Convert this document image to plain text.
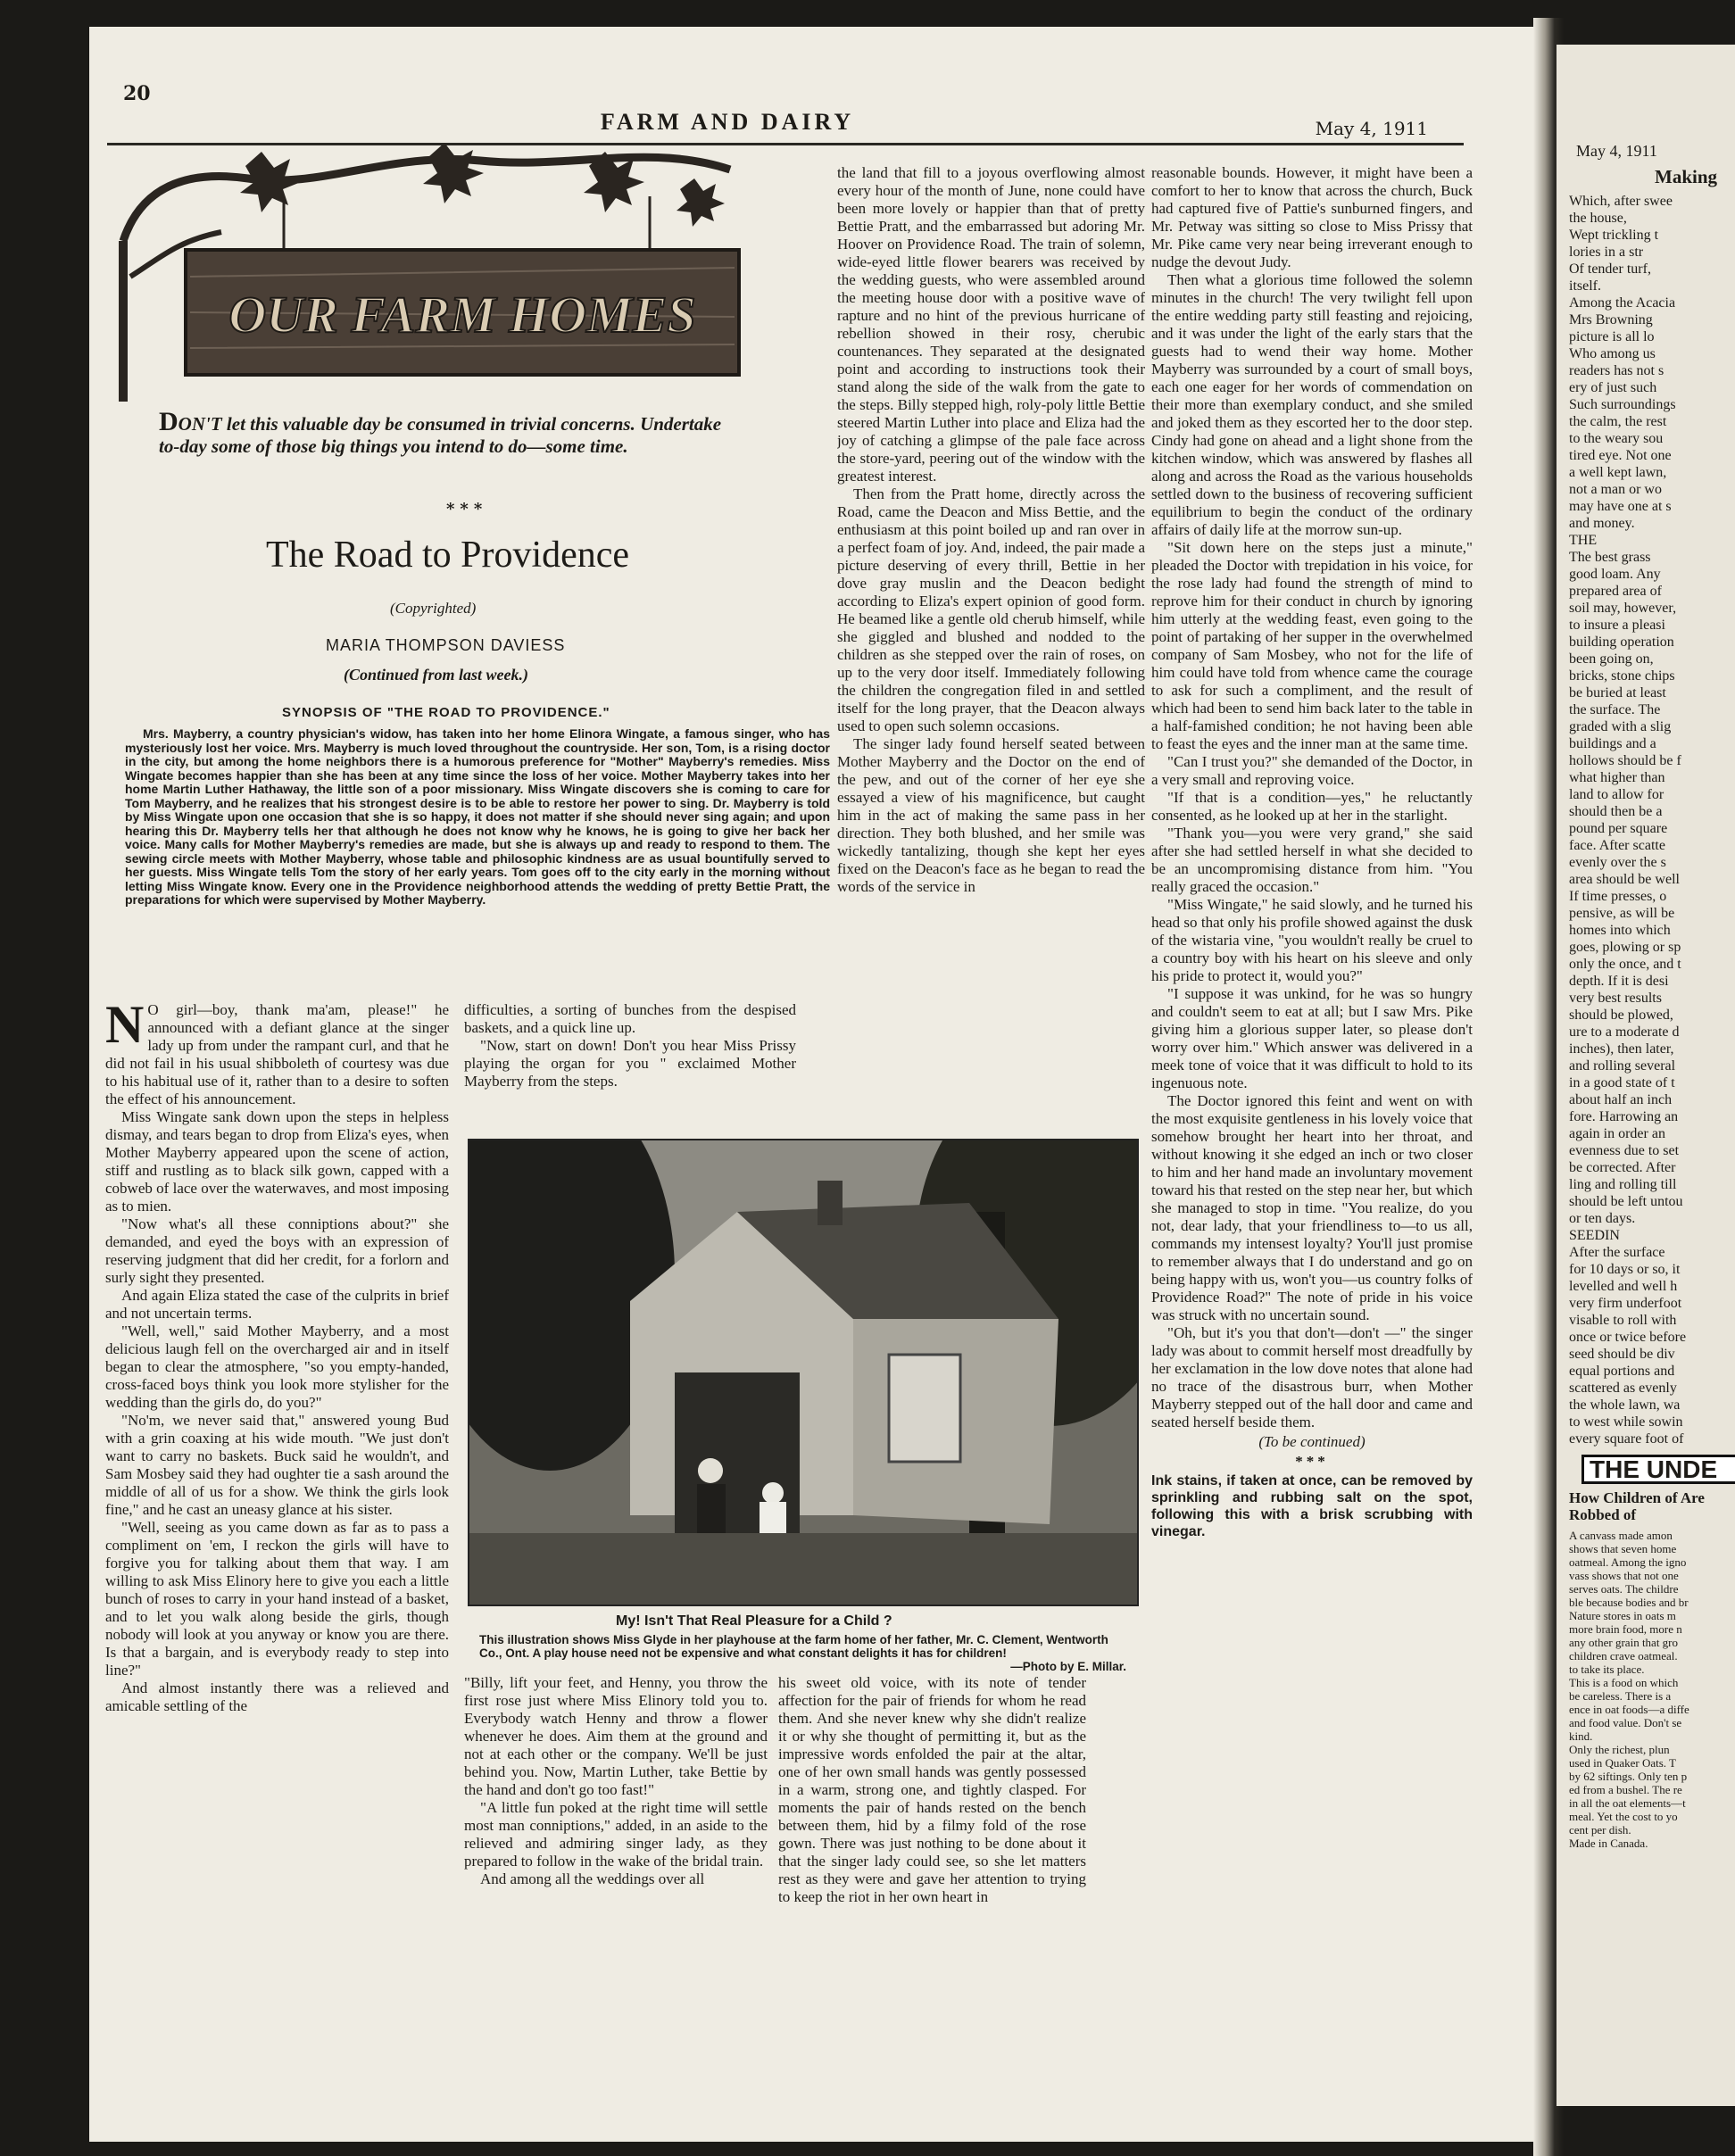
20
FARM AND DAIRY	May 4, 1911
OUR FARM HOMES
DON'T let this valuable day be consumed in trivial concerns. Undertake to-day some of those big things you intend to do—some time.
***
The Road to Providence
(Copyrighted)
MARIA THOMPSON DAVIESS
(Continued from last week.)
SYNOPSIS OF "THE ROAD TO PROVIDENCE."

Mrs. Mayberry, a country physician's widow, has taken into her home Elinora Wingate, a famous singer, who has mysteriously lost her voice. Mrs. Mayberry is much loved throughout the countryside. Her son, Tom, is a rising doctor in the city, but among the home neighbors there is a humorous preference for "Mother" Mayberry's remedies. Miss Wingate becomes happier than she has been at any time since the loss of her voice. Mother Mayberry takes into her home Martin Luther Hathaway, the little son of a poor missionary. Miss Wingate discovers she is coming to care for Tom Mayberry, and he realizes that his strongest desire is to be able to restore her power to sing. Dr. Mayberry is told by Miss Wingate upon one occasion that she is so happy, it does not matter if she should never sing again; and upon hearing this Dr. Mayberry tells her that although he does not know why he knows, he is going to give her back her voice. Many calls for Mother Mayberry's remedies are made, but she is always up and ready to respond to them. The sewing circle meets with Mother Mayberry, whose table and philosophic kindness are as usual bountifully served to her guests. Miss Wingate tells Tom the story of her early years. Tom goes off to the city early in the morning without letting Miss Wingate know. Every one in the Providence neighborhood attends the wedding of pretty Bettie Pratt, the preparations for which were supervised by Mother Mayberry.

N O girl—boy, thank ma'am, please!" he announced with a defiant glance at the singer lady up from under the rampant curl, and that he did not fail in his usual shibboleth of courtesy was due to his habitual use of it, rather than to a desire to soften the effect of his announcement.

Miss Wingate sank down upon the steps in helpless dismay, and tears began to drop from Eliza's eyes, when Mother Mayberry appeared upon the scene of action, stiff and rustling as to black silk gown, capped with a cobweb of lace over the waterwaves, and most imposing as to mien.

"Now what's all these conniptions about?" she demanded, and eyed the boys with an expression of reserving judgment that did her credit, for a forlorn and surly sight they presented.

And again Eliza stated the case of the culprits in brief and not uncertain terms.

"Well, well," said Mother Mayberry, and a most delicious laugh fell on the overcharged air and in itself began to clear the atmosphere, "so you empty-handed, cross-faced boys think you look more stylisher for the wedding than the girls do, do you?"

"No'm, we never said that," answered young Bud with a grin coaxing at his wide mouth. "We just don't want to carry no baskets. Buck said he wouldn't, and Sam Mosbey said they had oughter tie a sash around the middle of all of us for a show. We think the girls look fine," and he cast an uneasy glance at his sister.

"Well, seeing as you came down as far as to pass a compliment on 'em, I reckon the girls will have to forgive you for talking about them that way. I am willing to ask Miss Elinory here to give you each a little bunch of roses to carry in your hand instead of a basket, and to let you walk along beside the girls, though nobody will look at you anyway or know you are there. Is that a bargain, and is everybody ready to step into line?"

And almost instantly there was a relieved and amicable settling of the

difficulties, a sorting of bunches from the despised baskets, and a quick line up.

"Now, start on down! Don't you hear Miss Prissy playing the organ for you " exclaimed Mother Mayberry from the steps.

the land that fill to a joyous overflowing almost every hour of the month of June, none could have been more lovely or happier than that of pretty Bettie Pratt, and the embarrassed but adoring Mr. Hoover on Providence Road. The train of solemn, wide-eyed little flower bearers was received by the wedding guests, who were assembled around the meeting house door with a positive wave of rapture and no hint of the previous hurricane of rebellion showed in their rosy, cherubic countenances. They separated at the designated point and according to instructions took their stand along the side of the walk from the gate to the steps. Billy stepped high, roly-poly little Bettie steered Martin Luther into place and Eliza had the joy of catching a glimpse of the pale face across the store-yard, peering out of the window with the greatest interest.

Then from the Pratt home, directly across the Road, came the Deacon and Miss Bettie, and the enthusiasm at this point boiled up and ran over in a perfect foam of joy. And, indeed, the pair made a picture deserving of every thrill, Bettie in her dove gray muslin and the Deacon bedight according to Eliza's expert opinion of good form. He beamed like a gentle old cherub himself, while she giggled and blushed and nodded to the children as she stepped over the rain of roses, on up to the very door itself. Immediately following the children the congregation filed in and settled itself for the long prayer, that the Deacon always used to open such solemn occasions.

The singer lady found herself seated between Mother Mayberry and the Doctor on the end of the pew, and out of the corner of her eye she essayed a view of his magnificence, but caught him in the act of making the same pass in her direction. They both blushed, and her smile was wickedly tantalizing, though she kept her eyes fixed on the Deacon's face as he began to read the words of the service in

My! Isn't That Real Pleasure for a Child ?
This illustration shows Miss Glyde in her playhouse at the farm home of her father, Mr. C. Clement, Wentworth Co., Ont. A play house need not be expensive and what constant delights it has for children!
—Photo by E. Millar.

"Billy, lift your feet, and Henny, you throw the first rose just where Miss Elinory told you to. Everybody watch Henny and throw a flower whenever he does. Aim them at the ground and not at each other or the company. We'll be just behind you. Now, Martin Luther, take Bettie by the hand and don't go too fast!"

"A little fun poked at the right time will settle most man conniptions," added, in an aside to the relieved and admiring singer lady, as they prepared to follow in the wake of the bridal train.

And among all the weddings over all

his sweet old voice, with its note of tender affection for the pair of friends for whom he read them. And she never knew why she didn't realize it or why she thought of permitting it, but as the impressive words enfolded the pair at the altar, one of her own small hands was gently possessed in a warm, strong one, and tightly clasped. For moments the pair of hands rested on the bench between them, hid by a filmy fold of the rose gown. There was just nothing to be done about it that the singer lady could see, so she let matters rest as they were and gave her attention to trying to keep the riot in her own heart in

reasonable bounds. However, it might have been a comfort to her to know that across the church, Buck had captured five of Pattie's sunburned fingers, and Mr. Petway was sitting so close to Miss Prissy that Mr. Pike came very near being irreverant enough to nudge the devout Judy.

Then what a glorious time followed the solemn minutes in the church! The very twilight fell upon the entire wedding party still feasting and rejoicing, and it was under the light of the early stars that the guests had to wend their way home. Mother Mayberry was surrounded by a court of small boys, each one eager for her words of commendation on their more than exemplary conduct, and she smiled and joked them as they escorted her to the door step. Cindy had gone on ahead and a light shone from the kitchen window, which was answered by flashes all along and across the Road as the various households settled down to the business of recovering sufficient equilibrium to begin the conduct of the ordinary affairs of daily life at the morrow sun-up.

"Sit down here on the steps just a minute," pleaded the Doctor with trepidation in his voice, for the rose lady had found the strength of mind to reprove him for their conduct in church by ignoring him utterly at the wedding feast, even going to the point of partaking of her supper in the overwhelmed company of Sam Mosbey, who not for the life of him could have told from whence came the courage to ask for such a compliment, and the result of which had been to send him back later to the table in a half-famished condition; he not having been able to feast the eyes and the inner man at the same time.

"Can I trust you?" she demanded of the Doctor, in a very small and reproving voice.

"If that is a condition—yes," he reluctantly consented, as he looked up at her in the starlight.

"Thank you—you were very grand," she said after she had settled herself in what she decided to be an uncompromising distance from him. "You really graced the occasion."

"Miss Wingate," he said slowly, and he turned his head so that only his profile showed against the dusk of the wistaria vine, "you wouldn't really be cruel to a country boy with his heart on his sleeve and only his pride to protect it, would you?"

"I suppose it was unkind, for he was so hungry and couldn't seem to eat at all; but I saw Mrs. Pike giving him a glorious supper later, so please don't worry over him." Which answer was delivered in a meek tone of voice that it was difficult to hold to its ingenuous note.

The Doctor ignored this feint and went on with the most exquisite gentleness in his lovely voice that somehow brought her heart into her throat, and without knowing it she edged an inch or two closer to him and her hand made an involuntary movement toward his that rested on the step near her, but which she managed to stop in time. "You realize, do you not, dear lady, that your friendliness to—to us all, commands my intensest loyalty? You'll just promise to remember always that I do understand and go on being happy with us, won't you—us country folks of Providence Road?" The note of pride in his voice was struck with no uncertain sound.

"Oh, but it's you that don't—don't —" the singer lady was about to commit herself most dreadfully by her exclamation in the low dove notes that alone had no trace of the disastrous burr, when Mother Mayberry stepped out of the hall door and came and seated herself beside them.

(To be continued)

***

Ink stains, if taken at once, can be removed by sprinkling and rubbing salt on the spot, following this with a brisk scrubbing with vinegar.

May 4, 1911
Making
Which, after swee
the house,
Wept trickling t
lories in a str
Of tender turf,
itself.
Among the Acacia
Mrs Browning
picture is all lo
Who among us
readers has not s
ery of just such
Such surroundings
the calm, the rest
to the weary sou
tired eye. Not one
a well kept lawn,
not a man or wo
may have one at s
and money.
THE
The best grass
good loam. Any
prepared area of
soil may, however,
to insure a pleasi
building operation
been going on,
bricks, stone chips
be buried at least
the surface. The
graded with a slig
buildings and a
hollows should be f
what higher than
land to allow for
should then be a
pound per square
face. After scatte
evenly over the s
area should be well
If time presses, o
pensive, as will be
homes into which
goes, plowing or sp
only the once, and t
depth. If it is desi
very best results
should be plowed,
ure to a moderate d
inches), then later,
and rolling several
in a good state of t
about half an inch
fore. Harrowing an
again in order an
evenness due to set
be corrected. After
ling and rolling till
should be left untou
or ten days.
SEEDIN
After the surface
for 10 days or so, it
levelled and well h
very firm underfoot
visable to roll with
once or twice before
seed should be div
equal portions and
scattered as evenly
the whole lawn, wa
to west while sowin
every square foot of
THE UNDE
How Children of Are Robbed of
A canvass made amon
shows that seven home
oatmeal. Among the igno
vass shows that not one
serves oats. The childre
ble because bodies and br
Nature stores in oats m
more brain food, more n
any other grain that gro
children crave oatmeal.
to take its place.
This is a food on which
be careless. There is a
ence in oat foods—a diffe
and food value. Don't se
kind.
Only the richest, plun
used in Quaker Oats. T
by 62 siftings. Only ten p
ed from a bushel. The re
in all the oat elements—t
meal. Yet the cost to yo
cent per dish.
Made in Canada.
